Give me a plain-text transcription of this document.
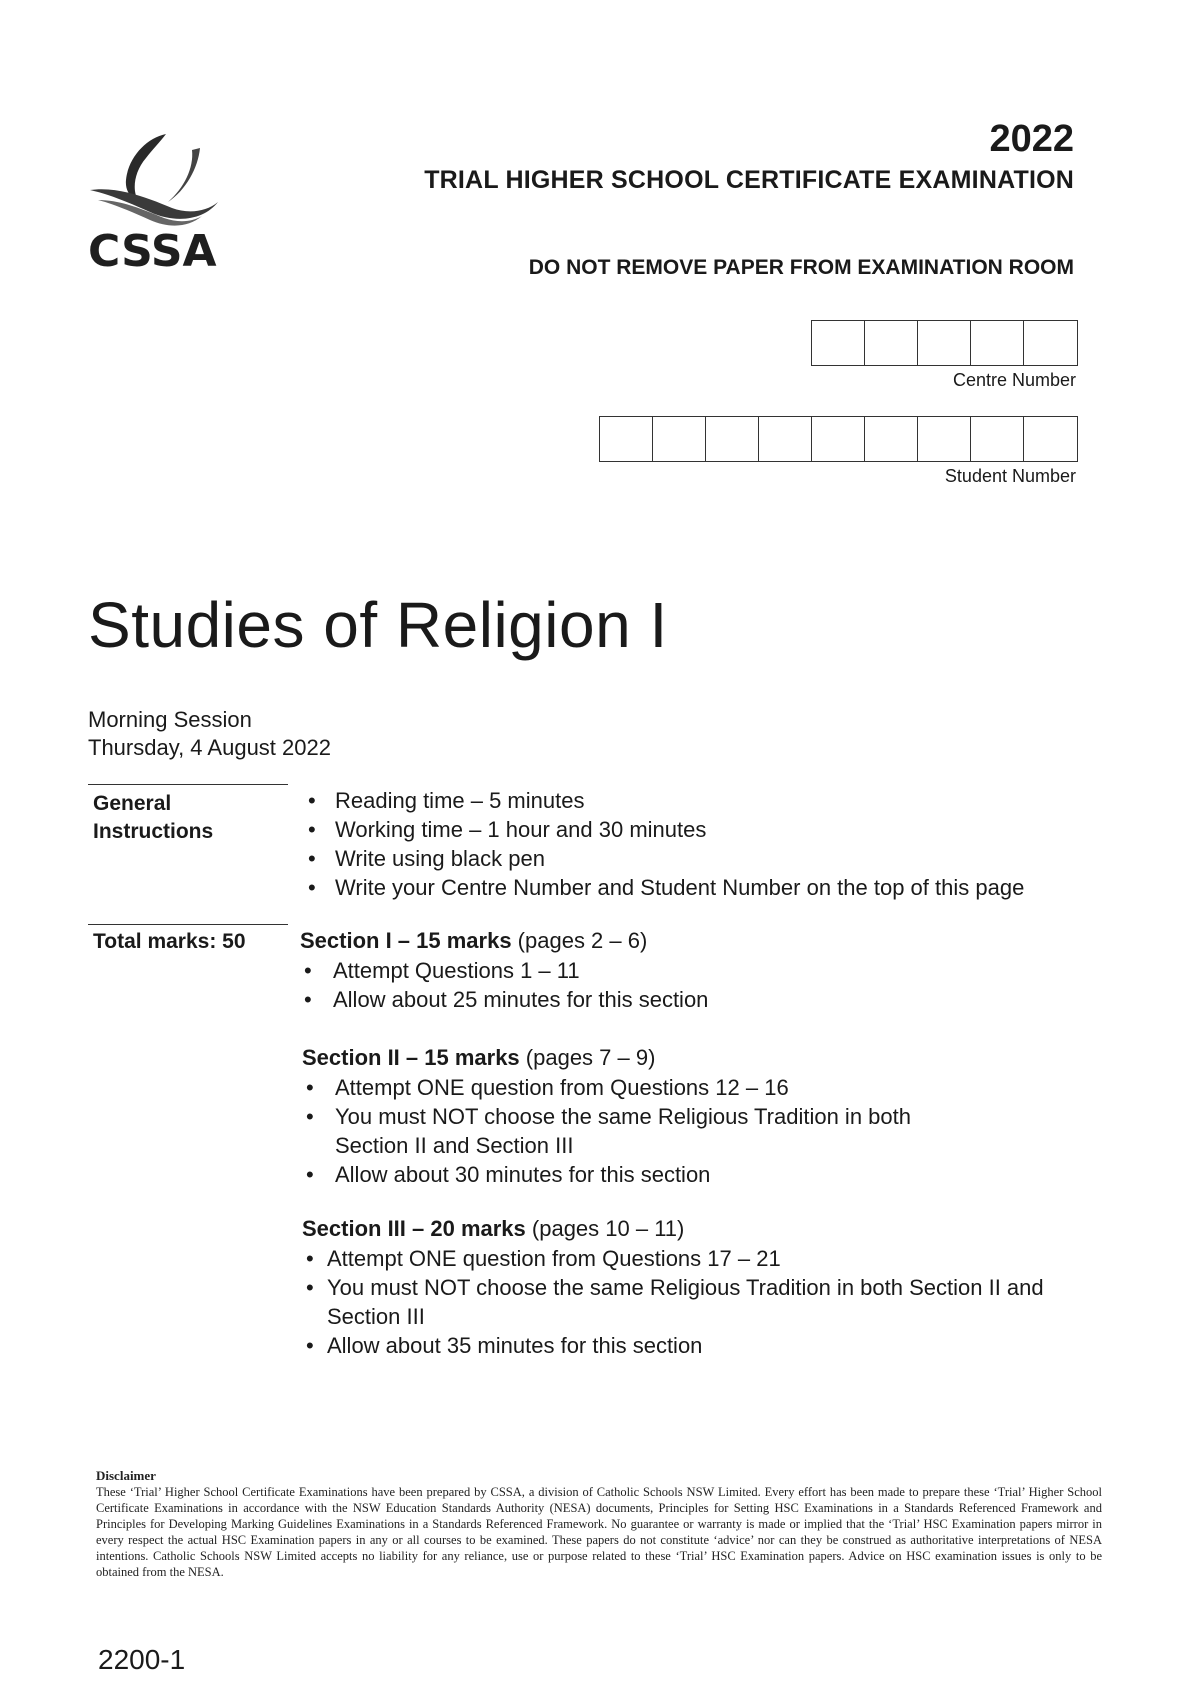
CSSA
2022
TRIAL HIGHER SCHOOL CERTIFICATE EXAMINATION
DO NOT REMOVE PAPER FROM EXAMINATION ROOM
Centre Number
Student Number
Studies of Religion I
Morning Session
Thursday, 4 August 2022
General
Instructions
• Reading time – 5 minutes
• Working time – 1 hour and 30 minutes
• Write using black pen
• Write your Centre Number and Student Number on the top of this page
Total marks: 50 Section I – 15 marks (pages 2 – 6)

• Attempt Questions 1 – 11
• Allow about 25 minutes for this section

Section II – 15 marks (pages 7 – 9)

• Attempt ONE question from Questions 12 – 16
• You must NOT choose the same Religious Tradition in both Section II and Section III
• Allow about 30 minutes for this section

Section III – 20 marks (pages 10 – 11)

• Attempt ONE question from Questions 17 – 21
• You must NOT choose the same Religious Tradition in both Section II and Section III
• Allow about 35 minutes for this section
Disclaimer
These ‘Trial’ Higher School Certificate Examinations have been prepared by CSSA, a division of Catholic Schools NSW Limited. Every effort has been made to prepare these ‘Trial’ Higher School Certificate Examinations in accordance with the NSW Education Standards Authority (NESA) documents, Principles for Setting HSC Examinations in a Standards Referenced Framework and Principles for Developing Marking Guidelines Examinations in a Standards Referenced Framework. No guarantee or warranty is made or implied that the ‘Trial’ HSC Examination papers mirror in every respect the actual HSC Examination papers in any or all courses to be examined. These papers do not constitute ‘advice’ nor can they be construed as authoritative interpretations of NESA intentions. Catholic Schools NSW Limited accepts no liability for any reliance, use or purpose related to these ‘Trial’ HSC Examination papers. Advice on HSC examination issues is only to be obtained from the NESA.
2200-1
